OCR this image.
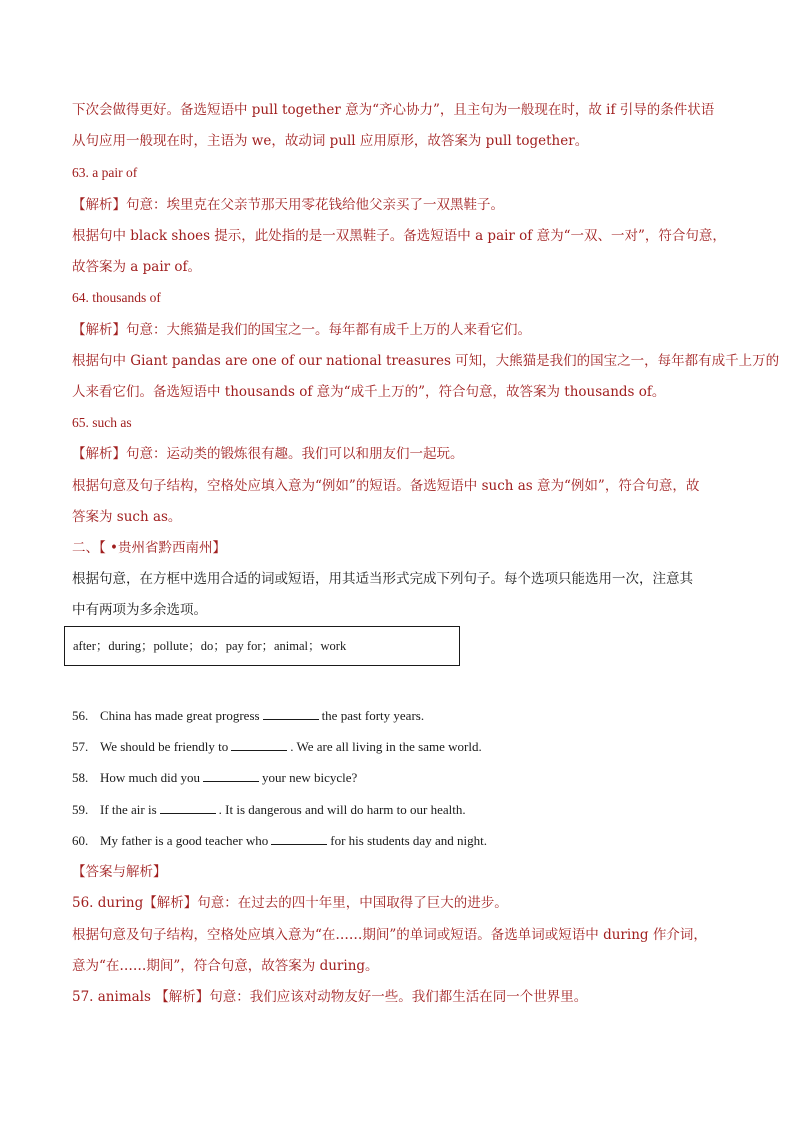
下次会做得更好。备选短语中 pull together 意为“齐心协力”，且主句为一般现在时，故 if 引导的条件状语
从句应用一般现在时，主语为 we，故动词 pull 应用原形，故答案为 pull together。
63. a pair of
【解析】句意：埃里克在父亲节那天用零花钱给他父亲买了一双黑鞋子。
根据句中 black shoes 提示，此处指的是一双黑鞋子。备选短语中 a pair of 意为“一双、一对”，符合句意，
故答案为 a pair of。
64. thousands of
【解析】句意：大熊猫是我们的国宝之一。每年都有成千上万的人来看它们。
根据句中 Giant pandas are one of our national treasures 可知，大熊猫是我们的国宝之一，每年都有成千上万的
人来看它们。备选短语中 thousands of 意为“成千上万的”，符合句意，故答案为 thousands of。
65. such as
【解析】句意：运动类的锻炼很有趣。我们可以和朋友们一起玩。
根据句意及句子结构，空格处应填入意为“例如”的短语。备选短语中 such as 意为“例如”，符合句意，故
答案为 such as。
二、【 •贵州省黔西南州】
根据句意，在方框中选用合适的词或短语，用其适当形式完成下列句子。每个选项只能选用一次，注意其
中有两项为多余选项。
after；during；pollute；do；pay for；animal；work
56. China has made great progress	the past forty years.
57. We should be friendly to	. We are all living in the same world.
58. How much did you	your new bicycle?
59. If the air is	. It is dangerous and will do harm to our health.
60. My father is a good teacher who	for his students day and night.
【答案与解析】
56. during【解析】句意：在过去的四十年里，中国取得了巨大的进步。
根据句意及句子结构，空格处应填入意为“在……期间”的单词或短语。备选单词或短语中 during 作介词，
意为“在……期间”，符合句意，故答案为 during。
57. animals 【解析】句意：我们应该对动物友好一些。我们都生活在同一个世界里。
